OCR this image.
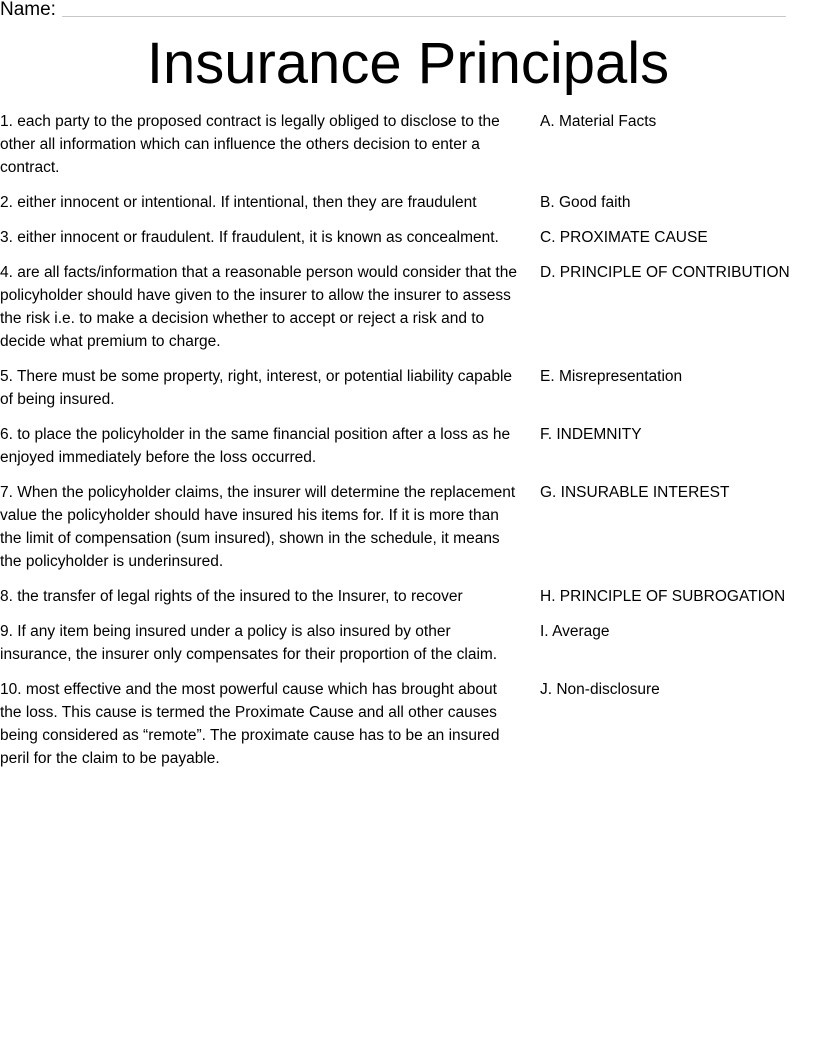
Name:
Insurance Principals
1. each party to the proposed contract is legally obliged to disclose to the other all information which can influence the others decision to enter a contract.
A. Material Facts
2. either innocent or intentional. If intentional, then they are fraudulent	B. Good faith
3. either innocent or fraudulent. If fraudulent, it is known as concealment.	C. PROXIMATE CAUSE
4. are all facts/information that a reasonable person would consider that the policyholder should have given to the insurer to allow the insurer to assess the risk i.e. to make a decision whether to accept or reject a risk and to decide what premium to charge.
D. PRINCIPLE OF CONTRIBUTION
5. There must be some property, right, interest, or potential liability capable of being insured.
E. Misrepresentation
6. to place the policyholder in the same financial position after a loss as he enjoyed immediately before the loss occurred.
F. INDEMNITY
7. When the policyholder claims, the insurer will determine the replacement value the policyholder should have insured his items for. If it is more than the limit of compensation (sum insured), shown in the schedule, it means the policyholder is underinsured.
G. INSURABLE INTEREST
8. the transfer of legal rights of the insured to the Insurer, to recover	H. PRINCIPLE OF SUBROGATION
9. If any item being insured under a policy is also insured by other insurance, the insurer only compensates for their proportion of the claim.
I. Average
10. most effective and the most powerful cause which has brought about the loss. This cause is termed the Proximate Cause and all other causes being considered as “remote”. The proximate cause has to be an insured peril for the claim to be payable.
J. Non-disclosure
